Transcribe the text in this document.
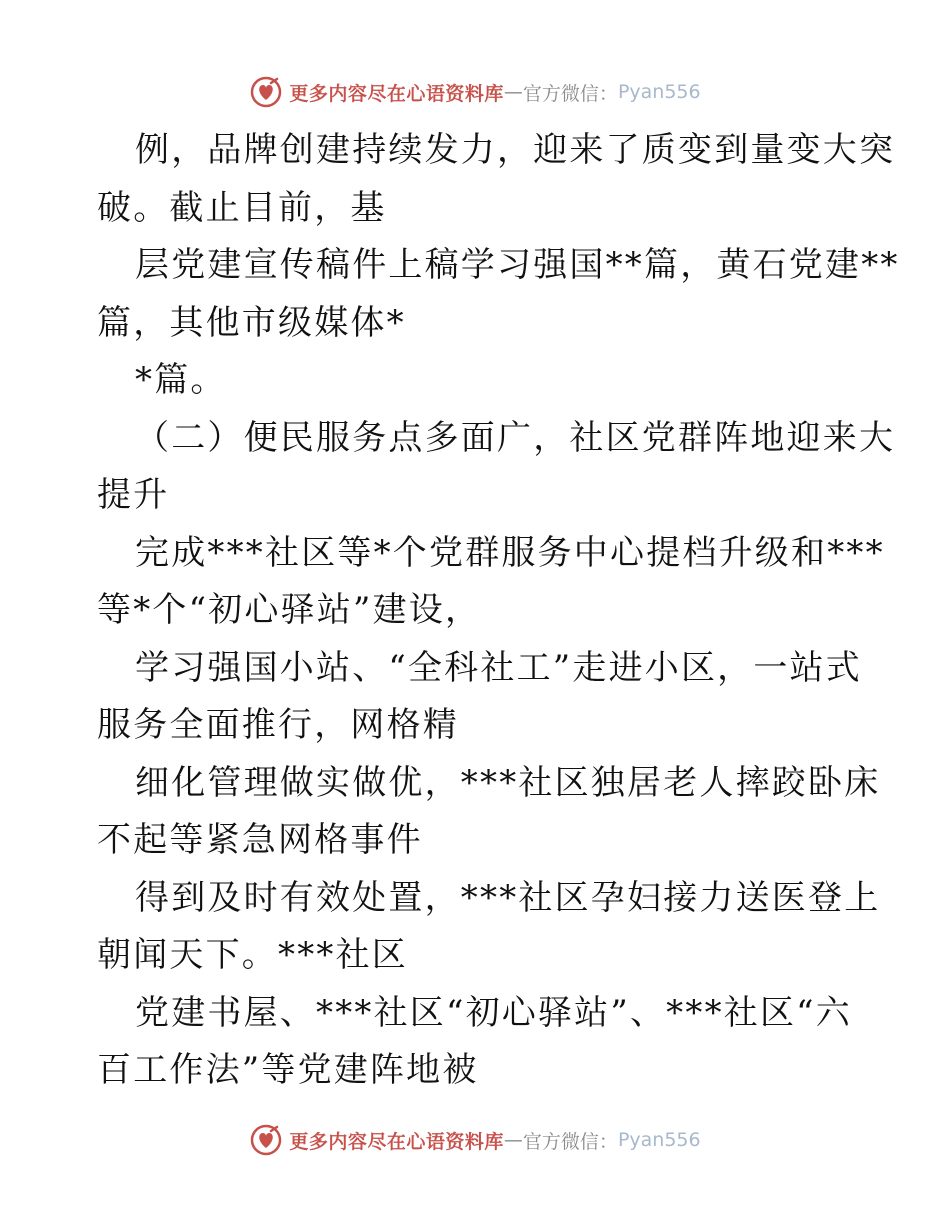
更多内容尽在心语资料库 — 官方微信： Pyan556
例，品牌创建持续发力，迎来了质变到量变大突
破。截止目前，基
层党建宣传稿件上稿学习强国**篇，黄石党建**
篇，其他市级媒体*
*篇。
（二）便民服务点多面广，社区党群阵地迎来大
提升
完成***社区等*个党群服务中心提档升级和***
等*个“初心驿站”建设，
学习强国小站、“全科社工”走进小区，一站式
服务全面推行，网格精
细化管理做实做优，***社区独居老人摔跤卧床
不起等紧急网格事件
得到及时有效处置，***社区孕妇接力送医登上
朝闻天下。***社区
党建书屋、***社区“初心驿站”、***社区“六
百工作法”等党建阵地被
更多内容尽在心语资料库 — 官方微信： Pyan556
